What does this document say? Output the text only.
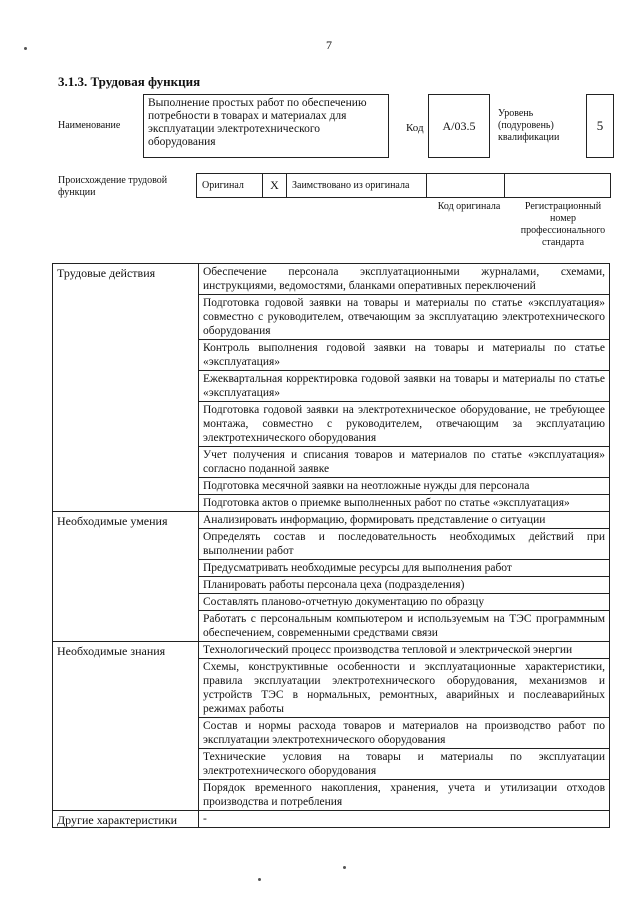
7
3.1.3. Трудовая функция
Наименование
Выполнение простых работ по обеспечению потребности в товарах и материалах для эксплуатации электротехнического оборудования
Код A/03.5
Уровень (подуровень) квалификации
5
Происхождение трудовой функции
Оригинал	X	Заимствовано из оригинала		
Код оригинала	Регистрационный номер профессионального стандарта
Трудовые действия	Обеспечение персонала эксплуатационными журналами, схемами, инструкциями, ведомостями, бланками оперативных переключений
	Подготовка годовой заявки на товары и материалы по статье «эксплуатация» совместно с руководителем, отвечающим за эксплуатацию электротехнического оборудования
	Контроль выполнения годовой заявки на товары и материалы по статье «эксплуатация»
	Ежеквартальная корректировка годовой заявки на товары и материалы по статье «эксплуатация»
	Подготовка годовой заявки на электротехническое оборудование, не требующее монтажа, совместно с руководителем, отвечающим за эксплуатацию электротехнического оборудования
	Учет получения и списания товаров и материалов по статье «эксплуатация» согласно поданной заявке
	Подготовка месячной заявки на неотложные нужды для персонала
	Подготовка актов о приемке выполненных работ по статье «эксплуатация»
Необходимые умения	Анализировать информацию, формировать представление о ситуации
	Определять состав и последовательность необходимых действий при выполнении работ
	Предусматривать необходимые ресурсы для выполнения работ
	Планировать работы персонала цеха (подразделения)
	Составлять планово-отчетную документацию по образцу
	Работать с персональным компьютером и используемым на ТЭС программным обеспечением, современными средствами связи
Необходимые знания	Технологический процесс производства тепловой и электрической энергии
	Схемы, конструктивные особенности и эксплуатационные характеристики, правила эксплуатации электротехнического оборудования, механизмов и устройств ТЭС в нормальных, ремонтных, аварийных и послеаварийных режимах работы
	Состав и нормы расхода товаров и материалов на производство работ по эксплуатации электротехнического оборудования
	Технические условия на товары и материалы по эксплуатации электротехнического оборудования
	Порядок временного накопления, хранения, учета и утилизации отходов производства и потребления
Другие характеристики	-
